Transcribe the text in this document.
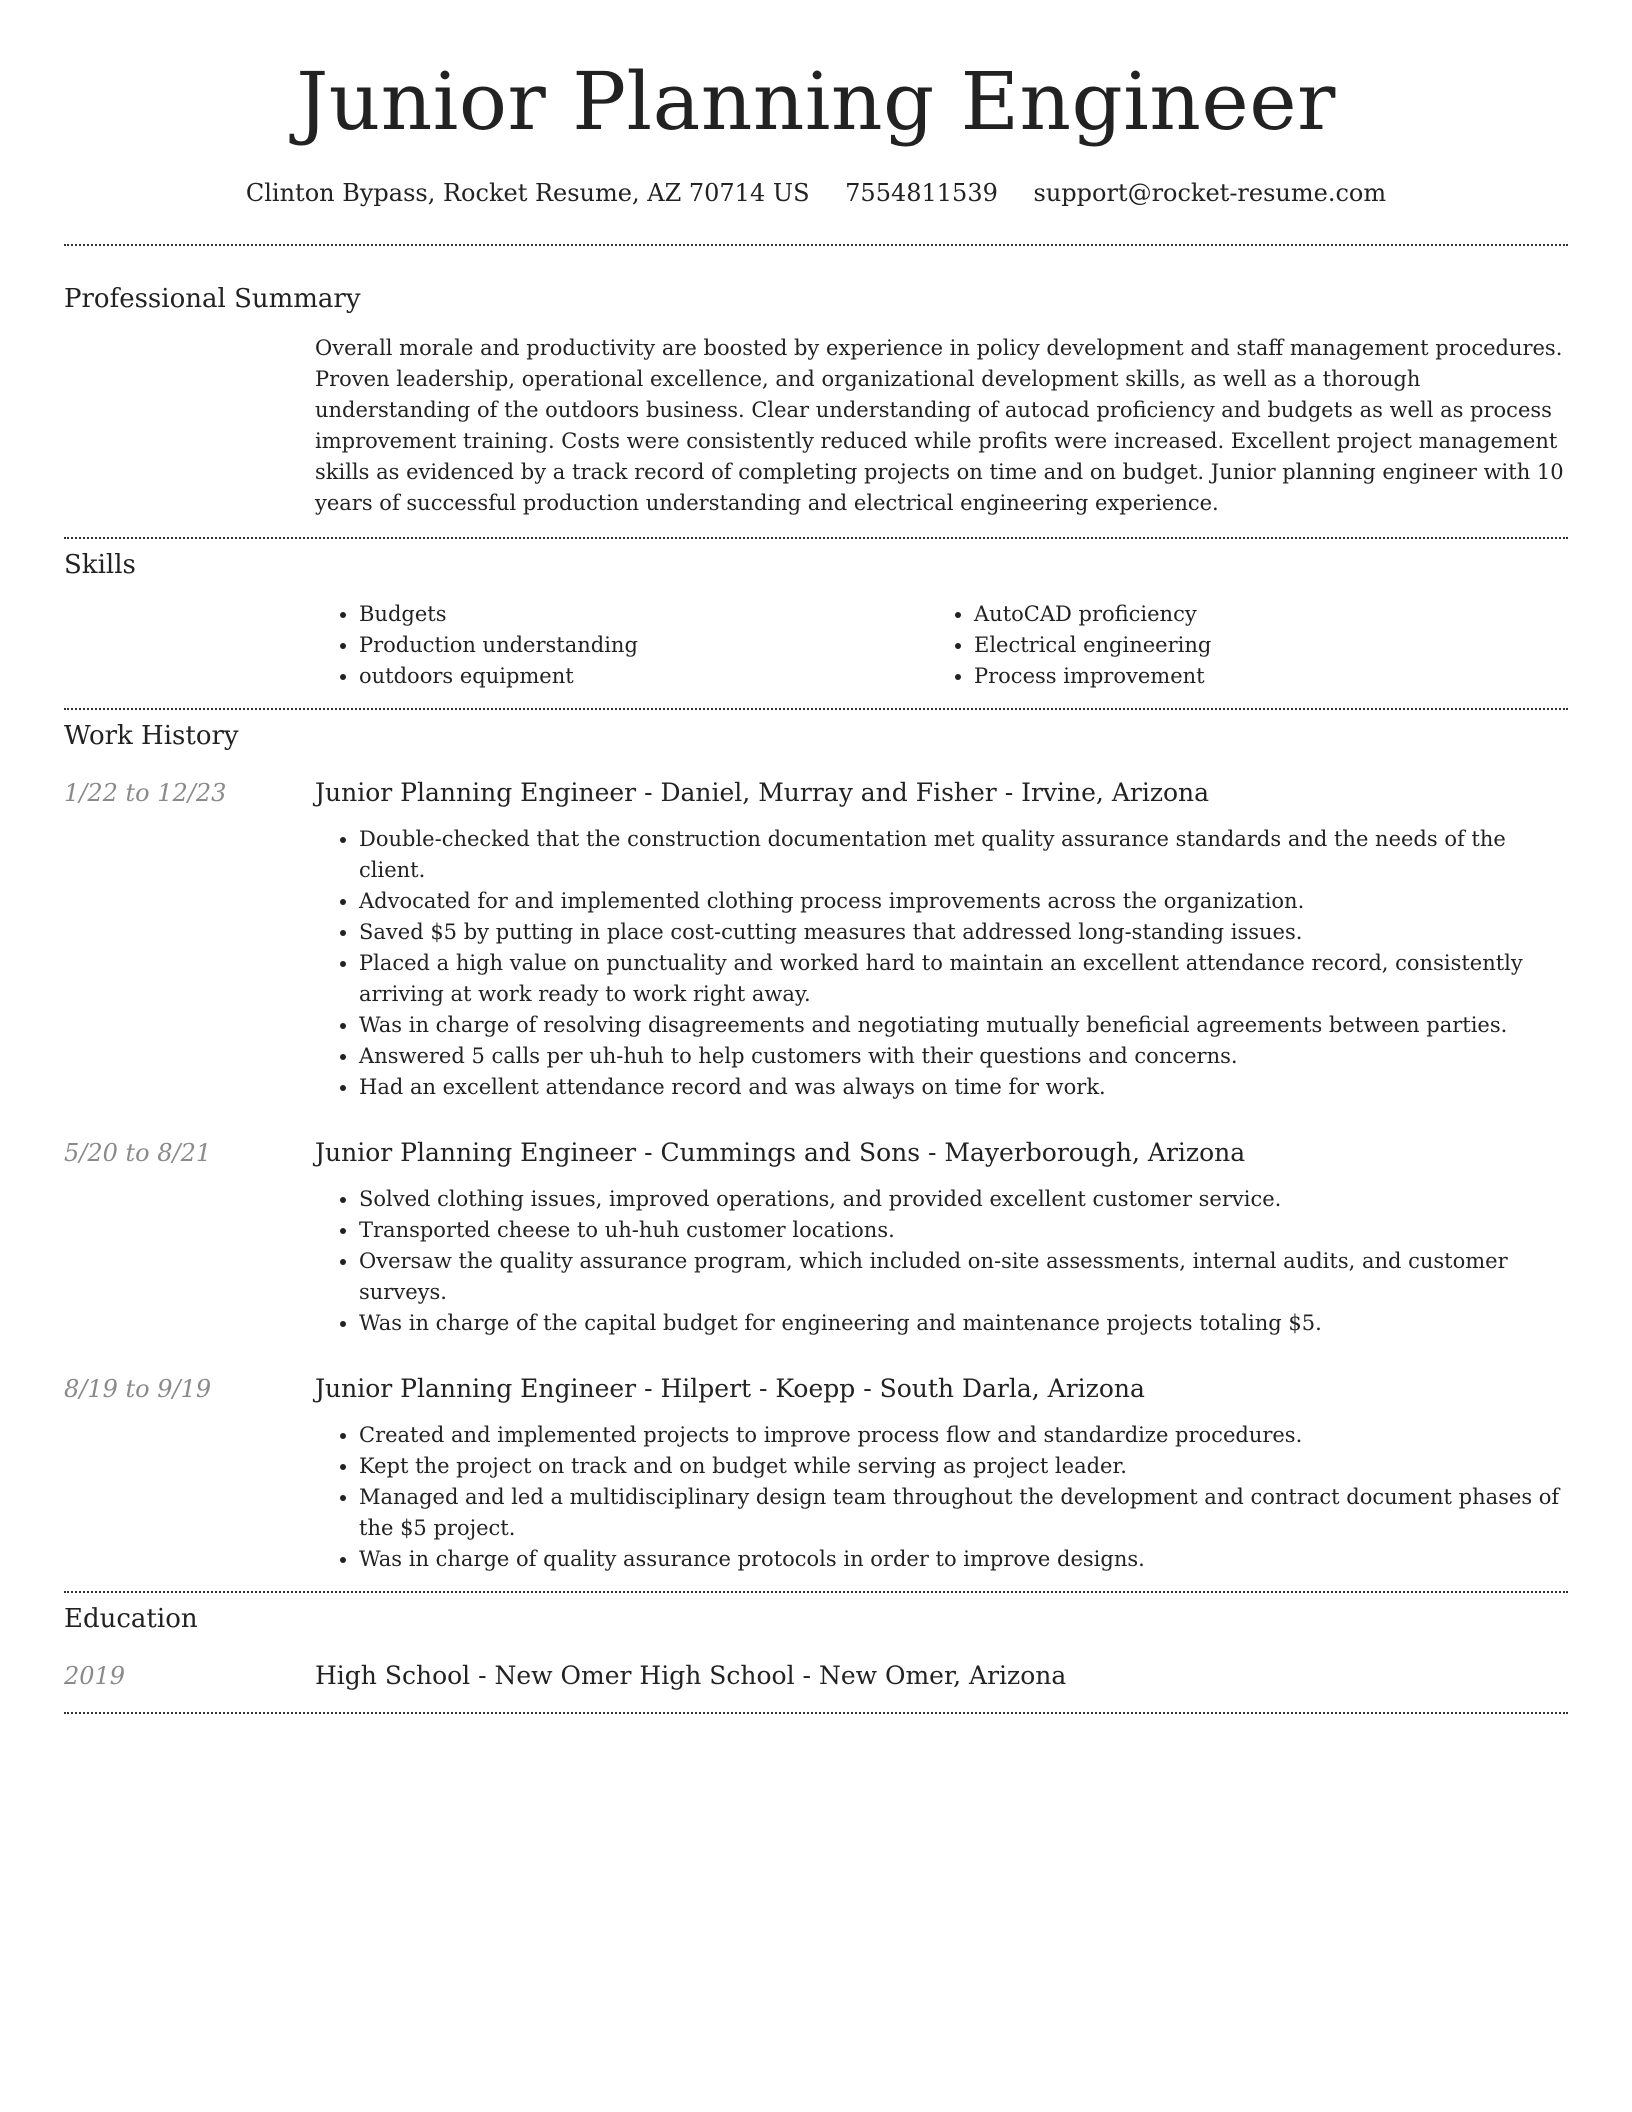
Junior Planning Engineer
Clinton Bypass, Rocket Resume, AZ 70714 US 7554811539 support@rocket-resume.com
Professional Summary

Overall morale and productivity are boosted by experience in policy development and staff management procedures. Proven leadership, operational excellence, and organizational development skills, as well as a thorough understanding of the outdoors business. Clear understanding of autocad proficiency and budgets as well as process improvement training. Costs were consistently reduced while profits were increased. Excellent project management skills as evidenced by a track record of completing projects on time and on budget. Junior planning engineer with 10 years of successful production understanding and electrical engineering experience.

Skills
• Budgets
• Production understanding
• outdoors equipment
• AutoCAD proficiency
• Electrical engineering
• Process improvement
Work History
1/22 to 12/23	Junior Planning Engineer - Daniel, Murray and Fisher - Irvine, Arizona
• Double-checked that the construction documentation met quality assurance standards and the needs of the client.
• Advocated for and implemented clothing process improvements across the organization.
• Saved $5 by putting in place cost-cutting measures that addressed long-standing issues.
• Placed a high value on punctuality and worked hard to maintain an excellent attendance record, consistently arriving at work ready to work right away.
• Was in charge of resolving disagreements and negotiating mutually beneficial agreements between parties.
• Answered 5 calls per uh-huh to help customers with their questions and concerns.
• Had an excellent attendance record and was always on time for work.
5/20 to 8/21	Junior Planning Engineer - Cummings and Sons - Mayerborough, Arizona
• Solved clothing issues, improved operations, and provided excellent customer service.
• Transported cheese to uh-huh customer locations.
• Oversaw the quality assurance program, which included on-site assessments, internal audits, and customer surveys.
• Was in charge of the capital budget for engineering and maintenance projects totaling $5.
8/19 to 9/19	Junior Planning Engineer - Hilpert - Koepp - South Darla, Arizona
• Created and implemented projects to improve process flow and standardize procedures.
• Kept the project on track and on budget while serving as project leader.
• Managed and led a multidisciplinary design team throughout the development and contract document phases of the $5 project.
• Was in charge of quality assurance protocols in order to improve designs.
Education
2019	High School - New Omer High School - New Omer, Arizona
